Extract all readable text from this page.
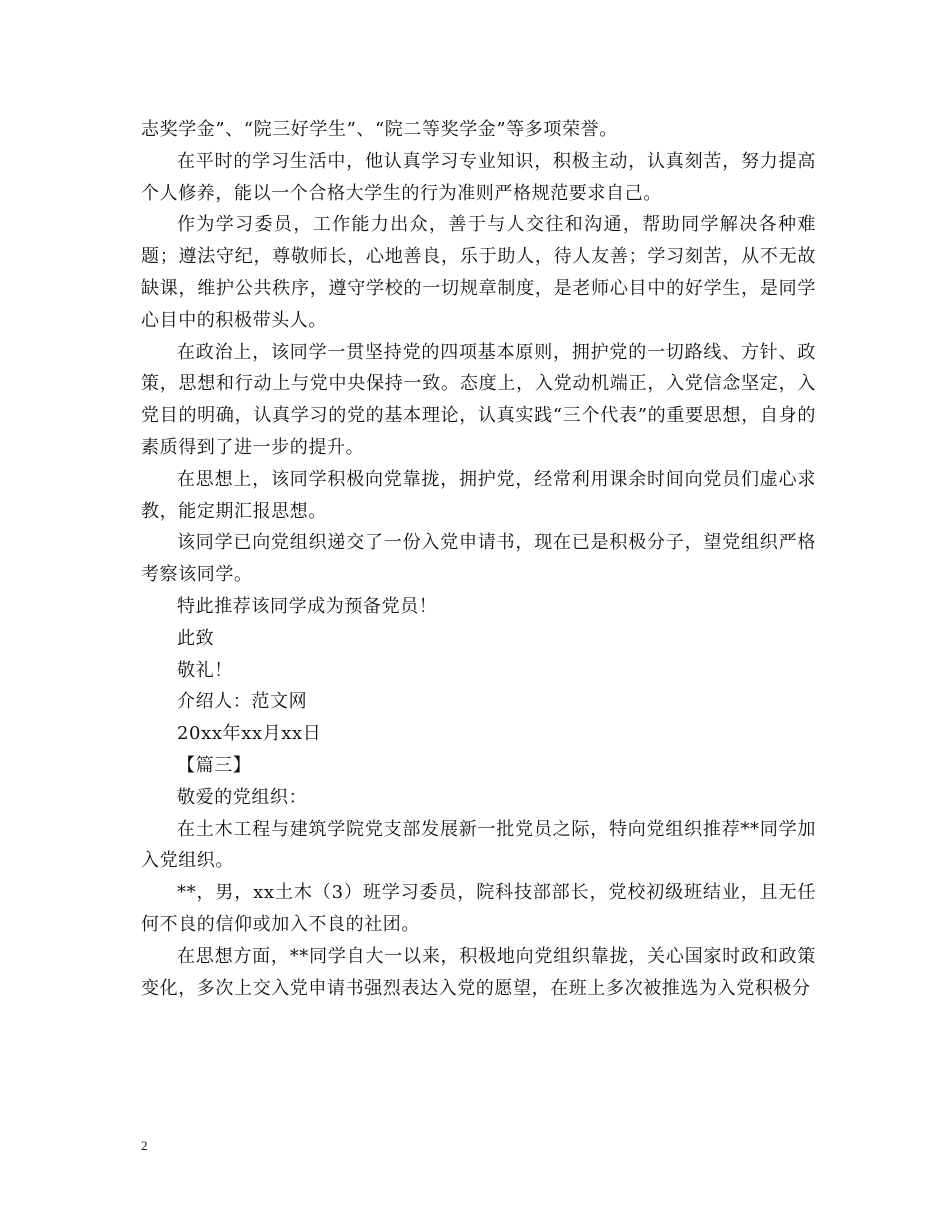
志奖学金”、“院三好学生”、“院二等奖学金”等多项荣誉。

在平时的学习生活中，他认真学习专业知识，积极主动，认真刻苦，努力提高个人修养，能以一个合格大学生的行为准则严格规范要求自己。

作为学习委员，工作能力出众，善于与人交往和沟通，帮助同学解决各种难题；遵法守纪，尊敬师长，心地善良，乐于助人，待人友善；学习刻苦，从不无故缺课，维护公共秩序，遵守学校的一切规章制度，是老师心目中的好学生，是同学心目中的积极带头人。

在政治上，该同学一贯坚持党的四项基本原则，拥护党的一切路线、方针、政策，思想和行动上与党中央保持一致。态度上，入党动机端正，入党信念坚定，入党目的明确，认真学习的党的基本理论，认真实践“三个代表”的重要思想，自身的素质得到了进一步的提升。

在思想上，该同学积极向党靠拢，拥护党，经常利用课余时间向党员们虚心求教，能定期汇报思想。

该同学已向党组织递交了一份入党申请书，现在已是积极分子，望党组织严格考察该同学。

特此推荐该同学成为预备党员！

此致

敬礼！

介绍人：范文网

20xx年xx月xx日

【篇三】

敬爱的党组织：

在土木工程与建筑学院党支部发展新一批党员之际，特向党组织推荐**同学加入党组织。

**，男，xx土木（3）班学习委员，院科技部部长，党校初级班结业，且无任何不良的信仰或加入不良的社团。

在思想方面，**同学自大一以来，积极地向党组织靠拢，关心国家时政和政策变化，多次上交入党申请书强烈表达入党的愿望，在班上多次被推选为入党积极分

2
